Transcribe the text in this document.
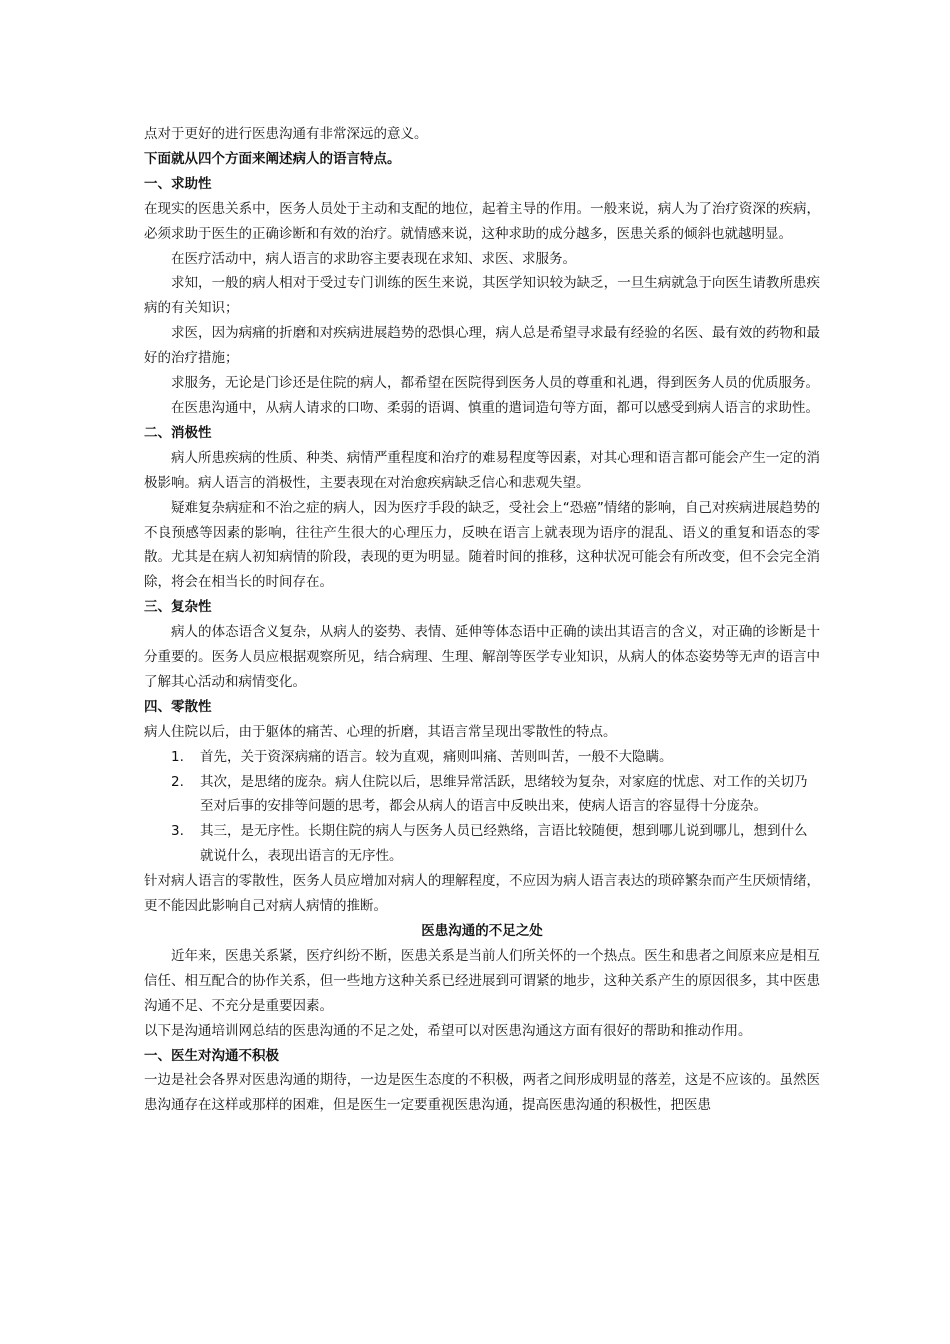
点对于更好的进行医患沟通有非常深远的意义。

下面就从四个方面来阐述病人的语言特点。

一、求助性

在现实的医患关系中，医务人员处于主动和支配的地位，起着主导的作用。一般来说，病人为了治疗资深的疾病，必须求助于医生的正确诊断和有效的治疗。就情感来说，这种求助的成分越多，医患关系的倾斜也就越明显。

在医疗活动中，病人语言的求助容主要表现在求知、求医、求服务。

求知，一般的病人相对于受过专门训练的医生来说，其医学知识较为缺乏，一旦生病就急于向医生请教所患疾病的有关知识；

求医，因为病痛的折磨和对疾病进展趋势的恐惧心理，病人总是希望寻求最有经验的名医、最有效的药物和最好的治疗措施；

求服务，无论是门诊还是住院的病人，都希望在医院得到医务人员的尊重和礼遇，得到医务人员的优质服务。

在医患沟通中，从病人请求的口吻、柔弱的语调、慎重的遣词造句等方面，都可以感受到病人语言的求助性。

二、消极性

病人所患疾病的性质、种类、病情严重程度和治疗的难易程度等因素，对其心理和语言都可能会产生一定的消极影响。病人语言的消极性，主要表现在对治愈疾病缺乏信心和悲观失望。

疑难复杂病症和不治之症的病人，因为医疗手段的缺乏，受社会上“恐癌”情绪的影响，自己对疾病进展趋势的不良预感等因素的影响，往往产生很大的心理压力，反映在语言上就表现为语序的混乱、语义的重复和语态的零散。尤其是在病人初知病情的阶段，表现的更为明显。随着时间的推移，这种状况可能会有所改变，但不会完全消除，将会在相当长的时间存在。

三、复杂性

病人的体态语含义复杂，从病人的姿势、表情、延伸等体态语中正确的读出其语言的含义，对正确的诊断是十分重要的。医务人员应根据观察所见，结合病理、生理、解剖等医学专业知识，从病人的体态姿势等无声的语言中了解其心活动和病情变化。

四、零散性

病人住院以后，由于躯体的痛苦、心理的折磨，其语言常呈现出零散性的特点。

1. 首先，关于资深病痛的语言。较为直观，痛则叫痛、苦则叫苦，一般不大隐瞒。
2. 其次，是思绪的庞杂。病人住院以后，思维异常活跃，思绪较为复杂，对家庭的忧虑、对工作的关切乃至对后事的安排等问题的思考，都会从病人的语言中反映出来，使病人语言的容显得十分庞杂。
3. 其三，是无序性。长期住院的病人与医务人员已经熟络，言语比较随便，想到哪儿说到哪儿，想到什么就说什么，表现出语言的无序性。

针对病人语言的零散性，医务人员应增加对病人的理解程度，不应因为病人语言表达的琐碎繁杂而产生厌烦情绪，更不能因此影响自己对病人病情的推断。

医患沟通的不足之处

近年来，医患关系紧，医疗纠纷不断，医患关系是当前人们所关怀的一个热点。医生和患者之间原来应是相互信任、相互配合的协作关系，但一些地方这种关系已经进展到可谓紧的地步，这种关系产生的原因很多，其中医患沟通不足、不充分是重要因素。

以下是沟通培训网总结的医患沟通的不足之处，希望可以对医患沟通这方面有很好的帮助和推动作用。

一、医生对沟通不积极

一边是社会各界对医患沟通的期待，一边是医生态度的不积极，两者之间形成明显的落差，这是不应该的。虽然医患沟通存在这样或那样的困难，但是医生一定要重视医患沟通，提高医患沟通的积极性，把医患
